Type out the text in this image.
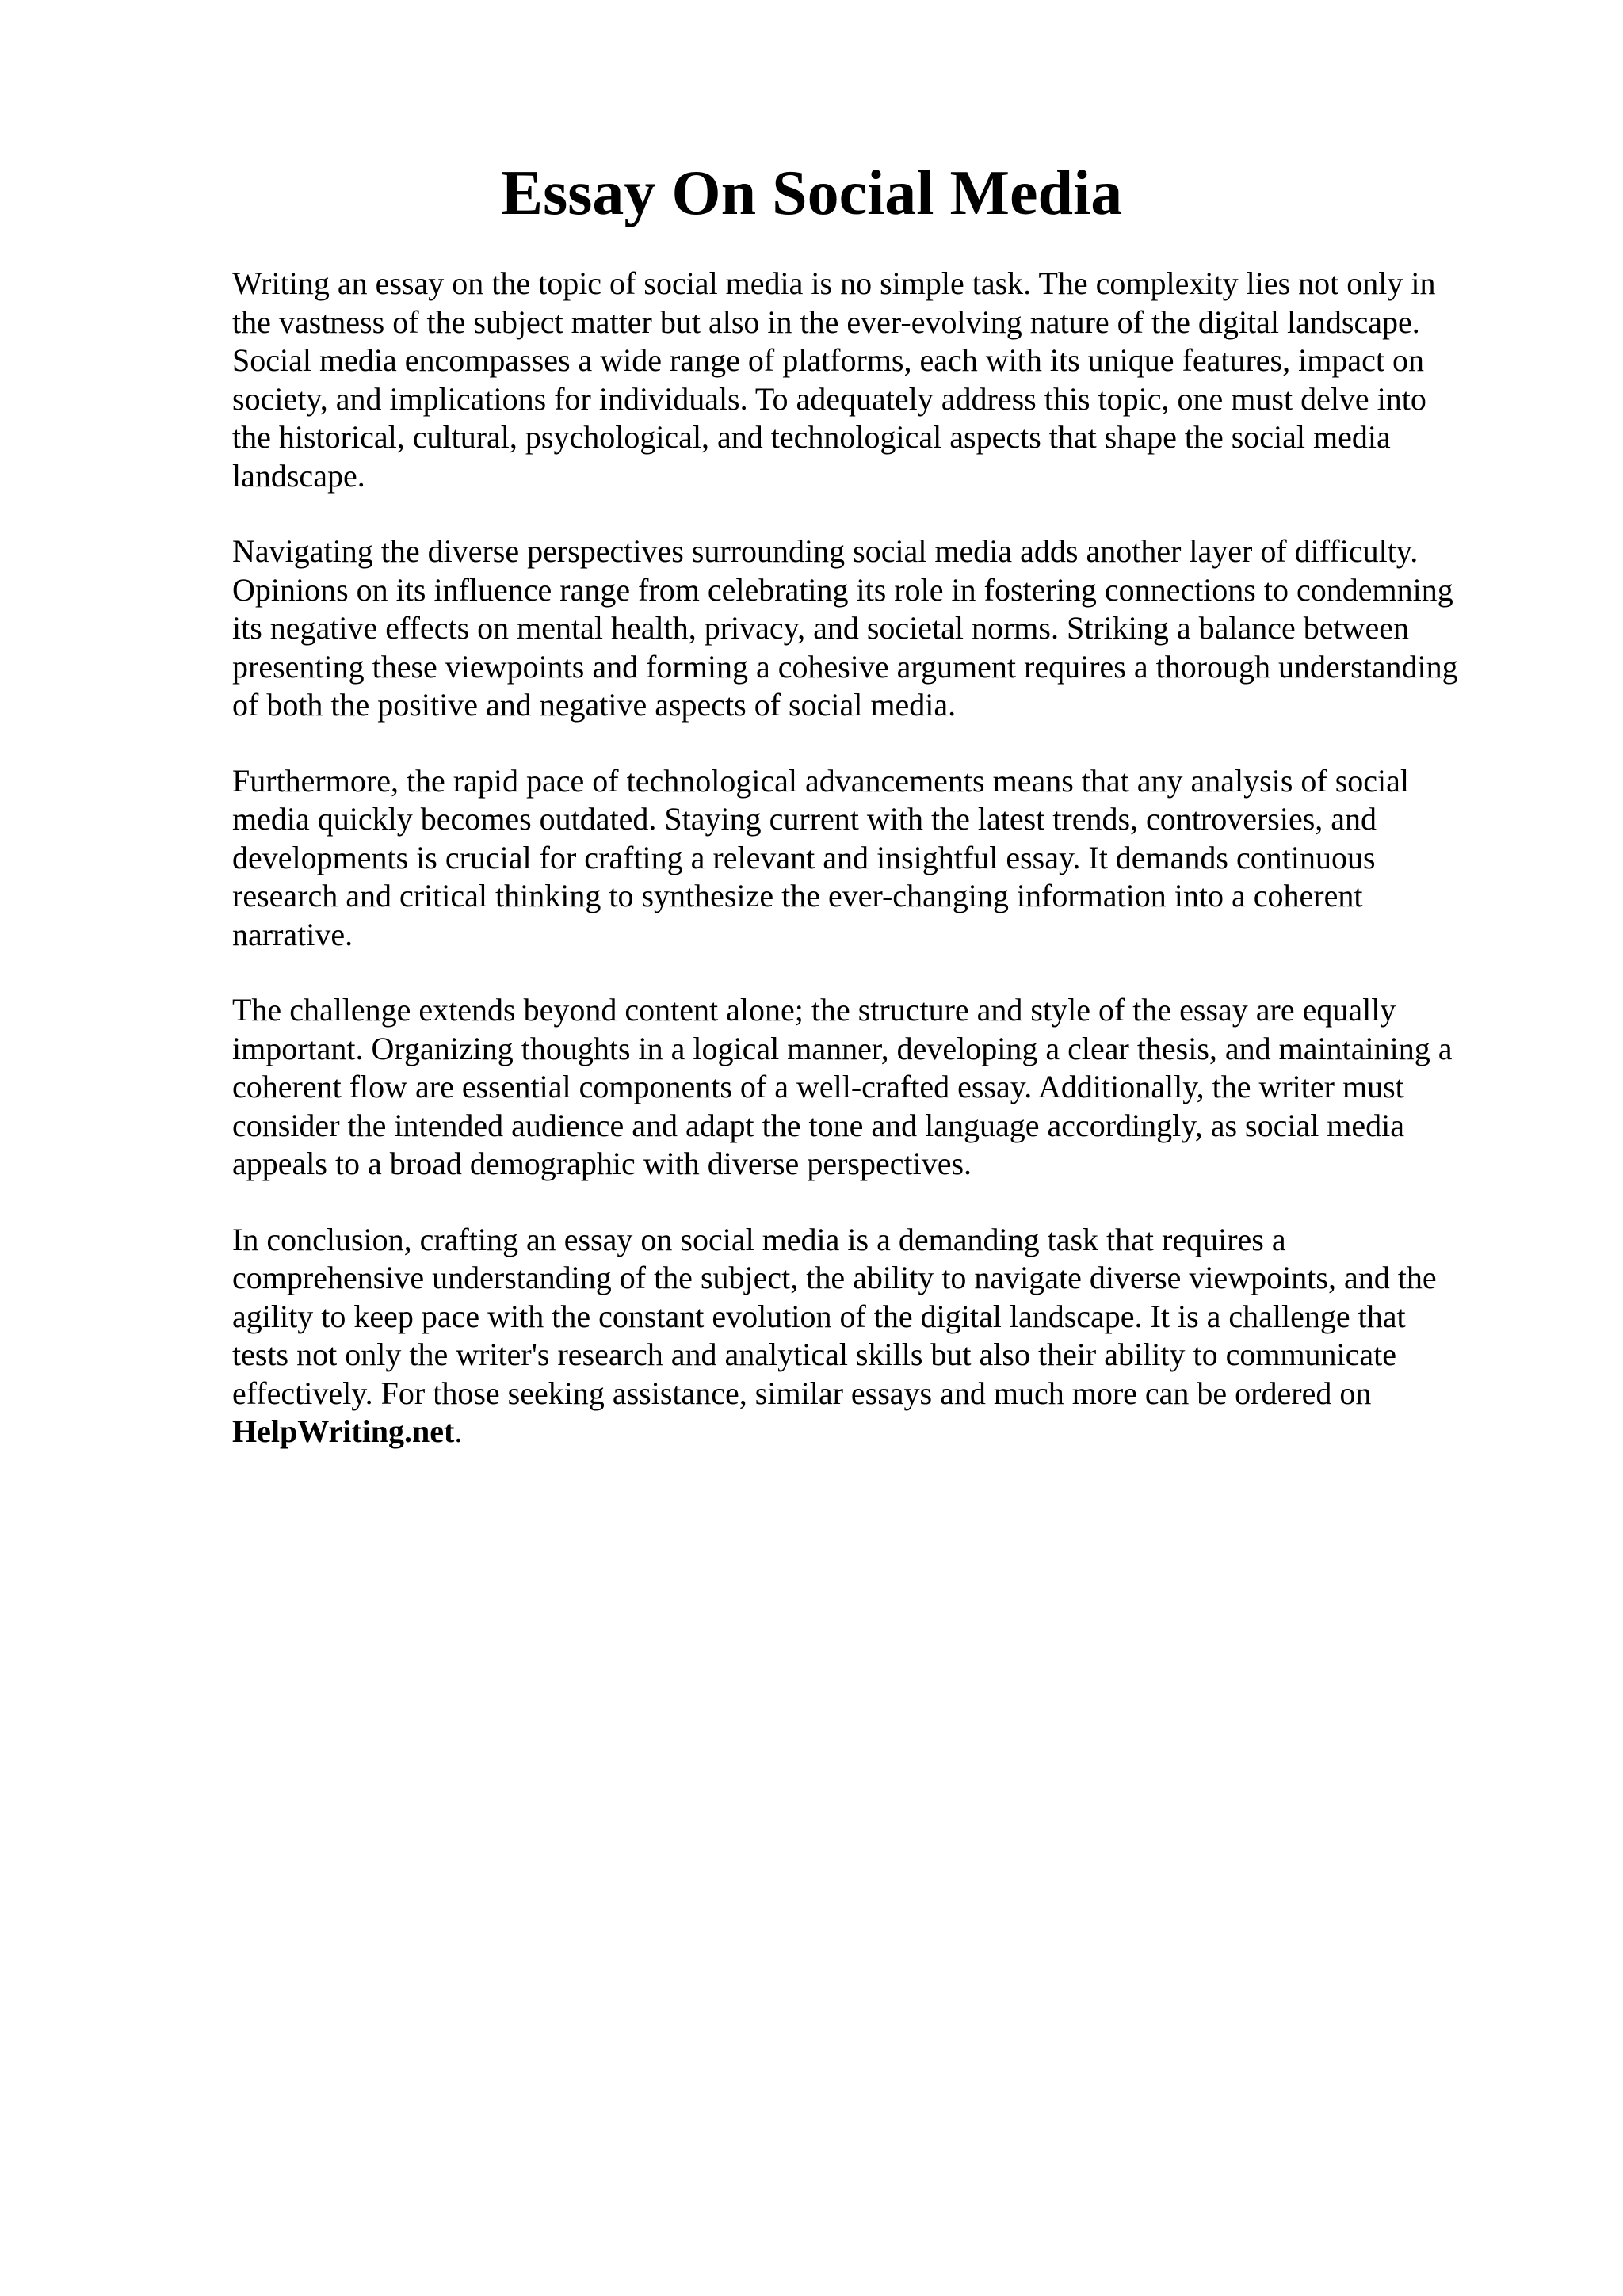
Essay On Social Media

Writing an essay on the topic of social media is no simple task. The complexity lies not only in
the vastness of the subject matter but also in the ever-evolving nature of the digital landscape.
Social media encompasses a wide range of platforms, each with its unique features, impact on
society, and implications for individuals. To adequately address this topic, one must delve into
the historical, cultural, psychological, and technological aspects that shape the social media
landscape.

Navigating the diverse perspectives surrounding social media adds another layer of difficulty.
Opinions on its influence range from celebrating its role in fostering connections to condemning
its negative effects on mental health, privacy, and societal norms. Striking a balance between
presenting these viewpoints and forming a cohesive argument requires a thorough understanding
of both the positive and negative aspects of social media.

Furthermore, the rapid pace of technological advancements means that any analysis of social
media quickly becomes outdated. Staying current with the latest trends, controversies, and
developments is crucial for crafting a relevant and insightful essay. It demands continuous
research and critical thinking to synthesize the ever-changing information into a coherent
narrative.

The challenge extends beyond content alone; the structure and style of the essay are equally
important. Organizing thoughts in a logical manner, developing a clear thesis, and maintaining a
coherent flow are essential components of a well-crafted essay. Additionally, the writer must
consider the intended audience and adapt the tone and language accordingly, as social media
appeals to a broad demographic with diverse perspectives.

In conclusion, crafting an essay on social media is a demanding task that requires a
comprehensive understanding of the subject, the ability to navigate diverse viewpoints, and the
agility to keep pace with the constant evolution of the digital landscape. It is a challenge that
tests not only the writer's research and analytical skills but also their ability to communicate
effectively. For those seeking assistance, similar essays and much more can be ordered on
HelpWriting.net.
